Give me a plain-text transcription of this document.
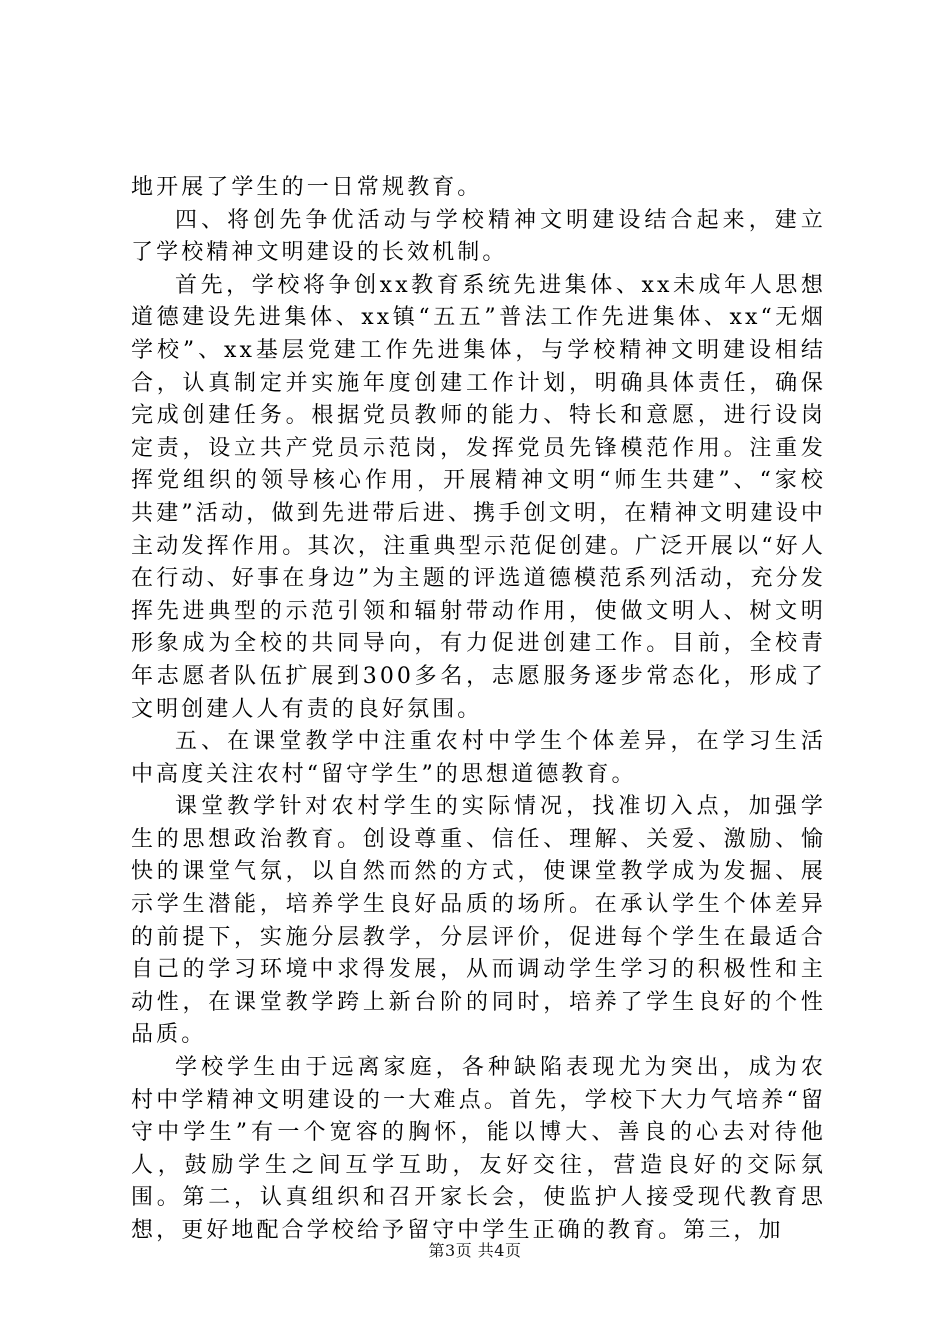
地开展了学生的一日常规教育。

四、将创先争优活动与学校精神文明建设结合起来，建立了学校精神文明建设的长效机制。

首先，学校将争创xx教育系统先进集体、xx未成年人思想道德建设先进集体、xx镇“五五”普法工作先进集体、xx“无烟学校”、xx基层党建工作先进集体，与学校精神文明建设相结合，认真制定并实施年度创建工作计划，明确具体责任，确保完成创建任务。根据党员教师的能力、特长和意愿，进行设岗定责，设立共产党员示范岗，发挥党员先锋模范作用。注重发挥党组织的领导核心作用，开展精神文明“师生共建”、“家校共建”活动，做到先进带后进、携手创文明，在精神文明建设中主动发挥作用。其次，注重典型示范促创建。广泛开展以“好人在行动、好事在身边”为主题的评选道德模范系列活动，充分发挥先进典型的示范引领和辐射带动作用，使做文明人、树文明形象成为全校的共同导向，有力促进创建工作。目前，全校青年志愿者队伍扩展到300多名，志愿服务逐步常态化，形成了文明创建人人有责的良好氛围。

五、在课堂教学中注重农村中学生个体差异，在学习生活中高度关注农村“留守学生”的思想道德教育。

课堂教学针对农村学生的实际情况，找准切入点，加强学生的思想政治教育。创设尊重、信任、理解、关爱、激励、愉快的课堂气氛，以自然而然的方式，使课堂教学成为发掘、展示学生潜能，培养学生良好品质的场所。在承认学生个体差异的前提下，实施分层教学，分层评价，促进每个学生在最适合自己的学习环境中求得发展，从而调动学生学习的积极性和主动性，在课堂教学跨上新台阶的同时，培养了学生良好的个性品质。

学校学生由于远离家庭，各种缺陷表现尤为突出，成为农村中学精神文明建设的一大难点。首先，学校下大力气培养“留守中学生”有一个宽容的胸怀，能以博大、善良的心去对待他人，鼓励学生之间互学互助，友好交往，营造良好的交际氛围。第二，认真组织和召开家长会，使监护人接受现代教育思想，更好地配合学校给予留守中学生正确的教育。第三，加

第3页 共4页
